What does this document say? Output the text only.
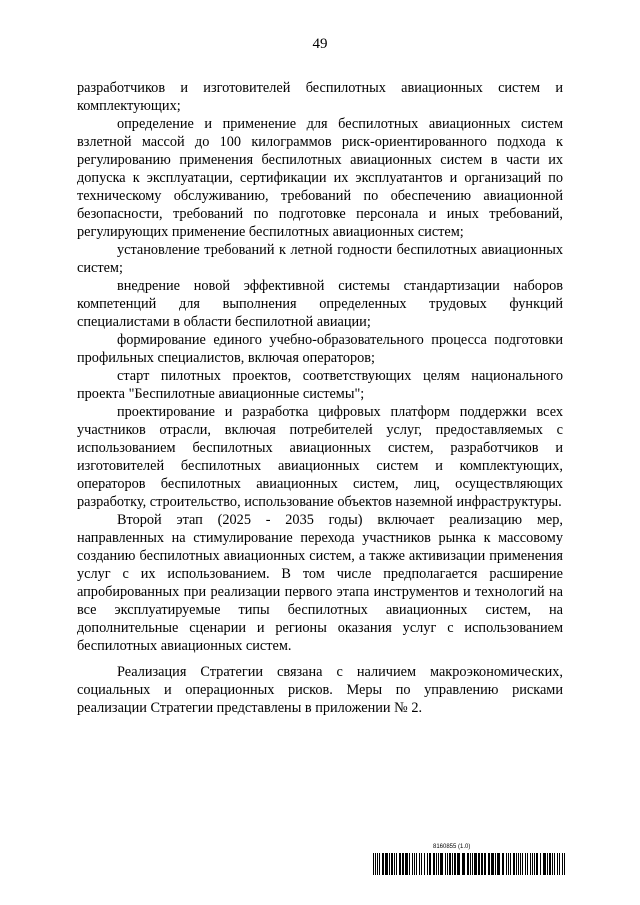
49

разработчиков и изготовителей беспилотных авиационных систем и комплектующих;

определение и применение для беспилотных авиационных систем взлетной массой до 100 килограммов риск-ориентированного подхода к регулированию применения беспилотных авиационных систем в части их допуска к эксплуатации, сертификации их эксплуатантов и организаций по техническому обслуживанию, требований по обеспечению авиационной безопасности, требований по подготовке персонала и иных требований, регулирующих применение беспилотных авиационных систем;

установление требований к летной годности беспилотных авиационных систем;

внедрение новой эффективной системы стандартизации наборов компетенций для выполнения определенных трудовых функций специалистами в области беспилотной авиации;

формирование единого учебно-образовательного процесса подготовки профильных специалистов, включая операторов;

старт пилотных проектов, соответствующих целям национального проекта "Беспилотные авиационные системы";

проектирование и разработка цифровых платформ поддержки всех участников отрасли, включая потребителей услуг, предоставляемых с использованием беспилотных авиационных систем, разработчиков и изготовителей беспилотных авиационных систем и комплектующих, операторов беспилотных авиационных систем, лиц, осуществляющих разработку, строительство, использование объектов наземной инфраструктуры.

Второй этап (2025 - 2035 годы) включает реализацию мер, направленных на стимулирование перехода участников рынка к массовому созданию беспилотных авиационных систем, а также активизации применения услуг с их использованием. В том числе предполагается расширение апробированных при реализации первого этапа инструментов и технологий на все эксплуатируемые типы беспилотных авиационных систем, на дополнительные сценарии и регионы оказания услуг с использованием беспилотных авиационных систем.

Реализация Стратегии связана с наличием макроэкономических, социальных и операционных рисков. Меры по управлению рисками реализации Стратегии представлены в приложении № 2.

8160855 (1.0)
